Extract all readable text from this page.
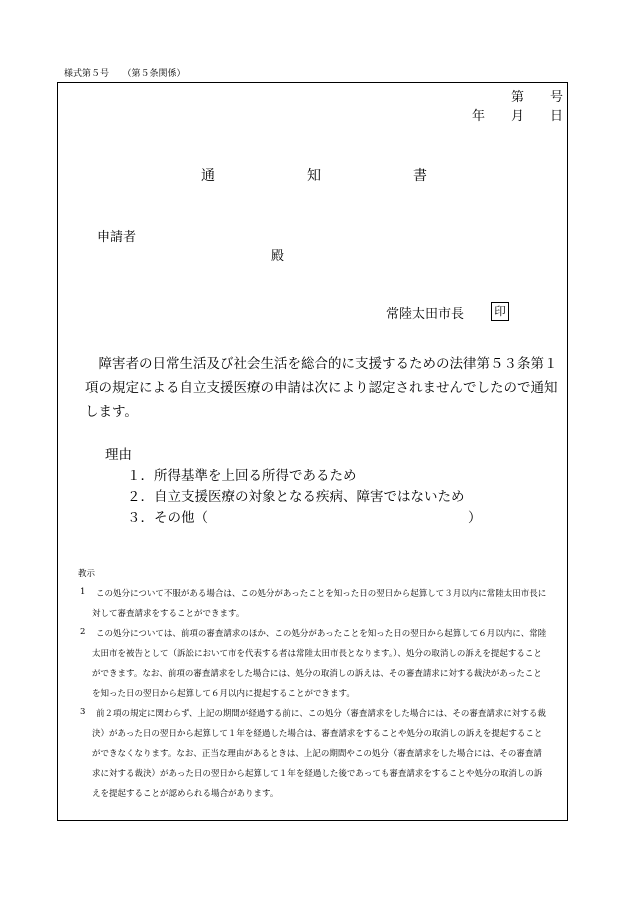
様式第５号　　（第５条関係）
第　　号
年　　月　　日
通	知	書
申請者
殿
常陸太田市長	印
　障害者の日常生活及び社会生活を総合的に支援するための法律第５３条第１
項の規定による自立支援医療の申請は次により認定されませんでしたので通知
します。
理由
１．所得基準を上回る所得であるため
２．自立支援医療の対象となる疾病、障害ではないため
３．その他（	）
教示
1 この処分について不服がある場合は、この処分があったことを知った日の翌日から起算して３月以内に常陸太田市長に
対して審査請求をすることができます。
2 この処分については、前項の審査請求のほか、この処分があったことを知った日の翌日から起算して６月以内に、常陸
太田市を被告として（訴訟において市を代表する者は常陸太田市長となります。）、処分の取消しの訴えを提起すること
ができます。なお、前項の審査請求をした場合には、処分の取消しの訴えは、その審査請求に対する裁決があったこと
を知った日の翌日から起算して６月以内に提起することができます。
3 前２項の規定に関わらず、上記の期間が経過する前に、この処分（審査請求をした場合には、その審査請求に対する裁
決）があった日の翌日から起算して１年を経過した場合は、審査請求をすることや処分の取消しの訴えを提起すること
ができなくなります。なお、正当な理由があるときは、上記の期間やこの処分（審査請求をした場合には、その審査請
求に対する裁決）があった日の翌日から起算して１年を経過した後であっても審査請求をすることや処分の取消しの訴
えを提起することが認められる場合があります。
